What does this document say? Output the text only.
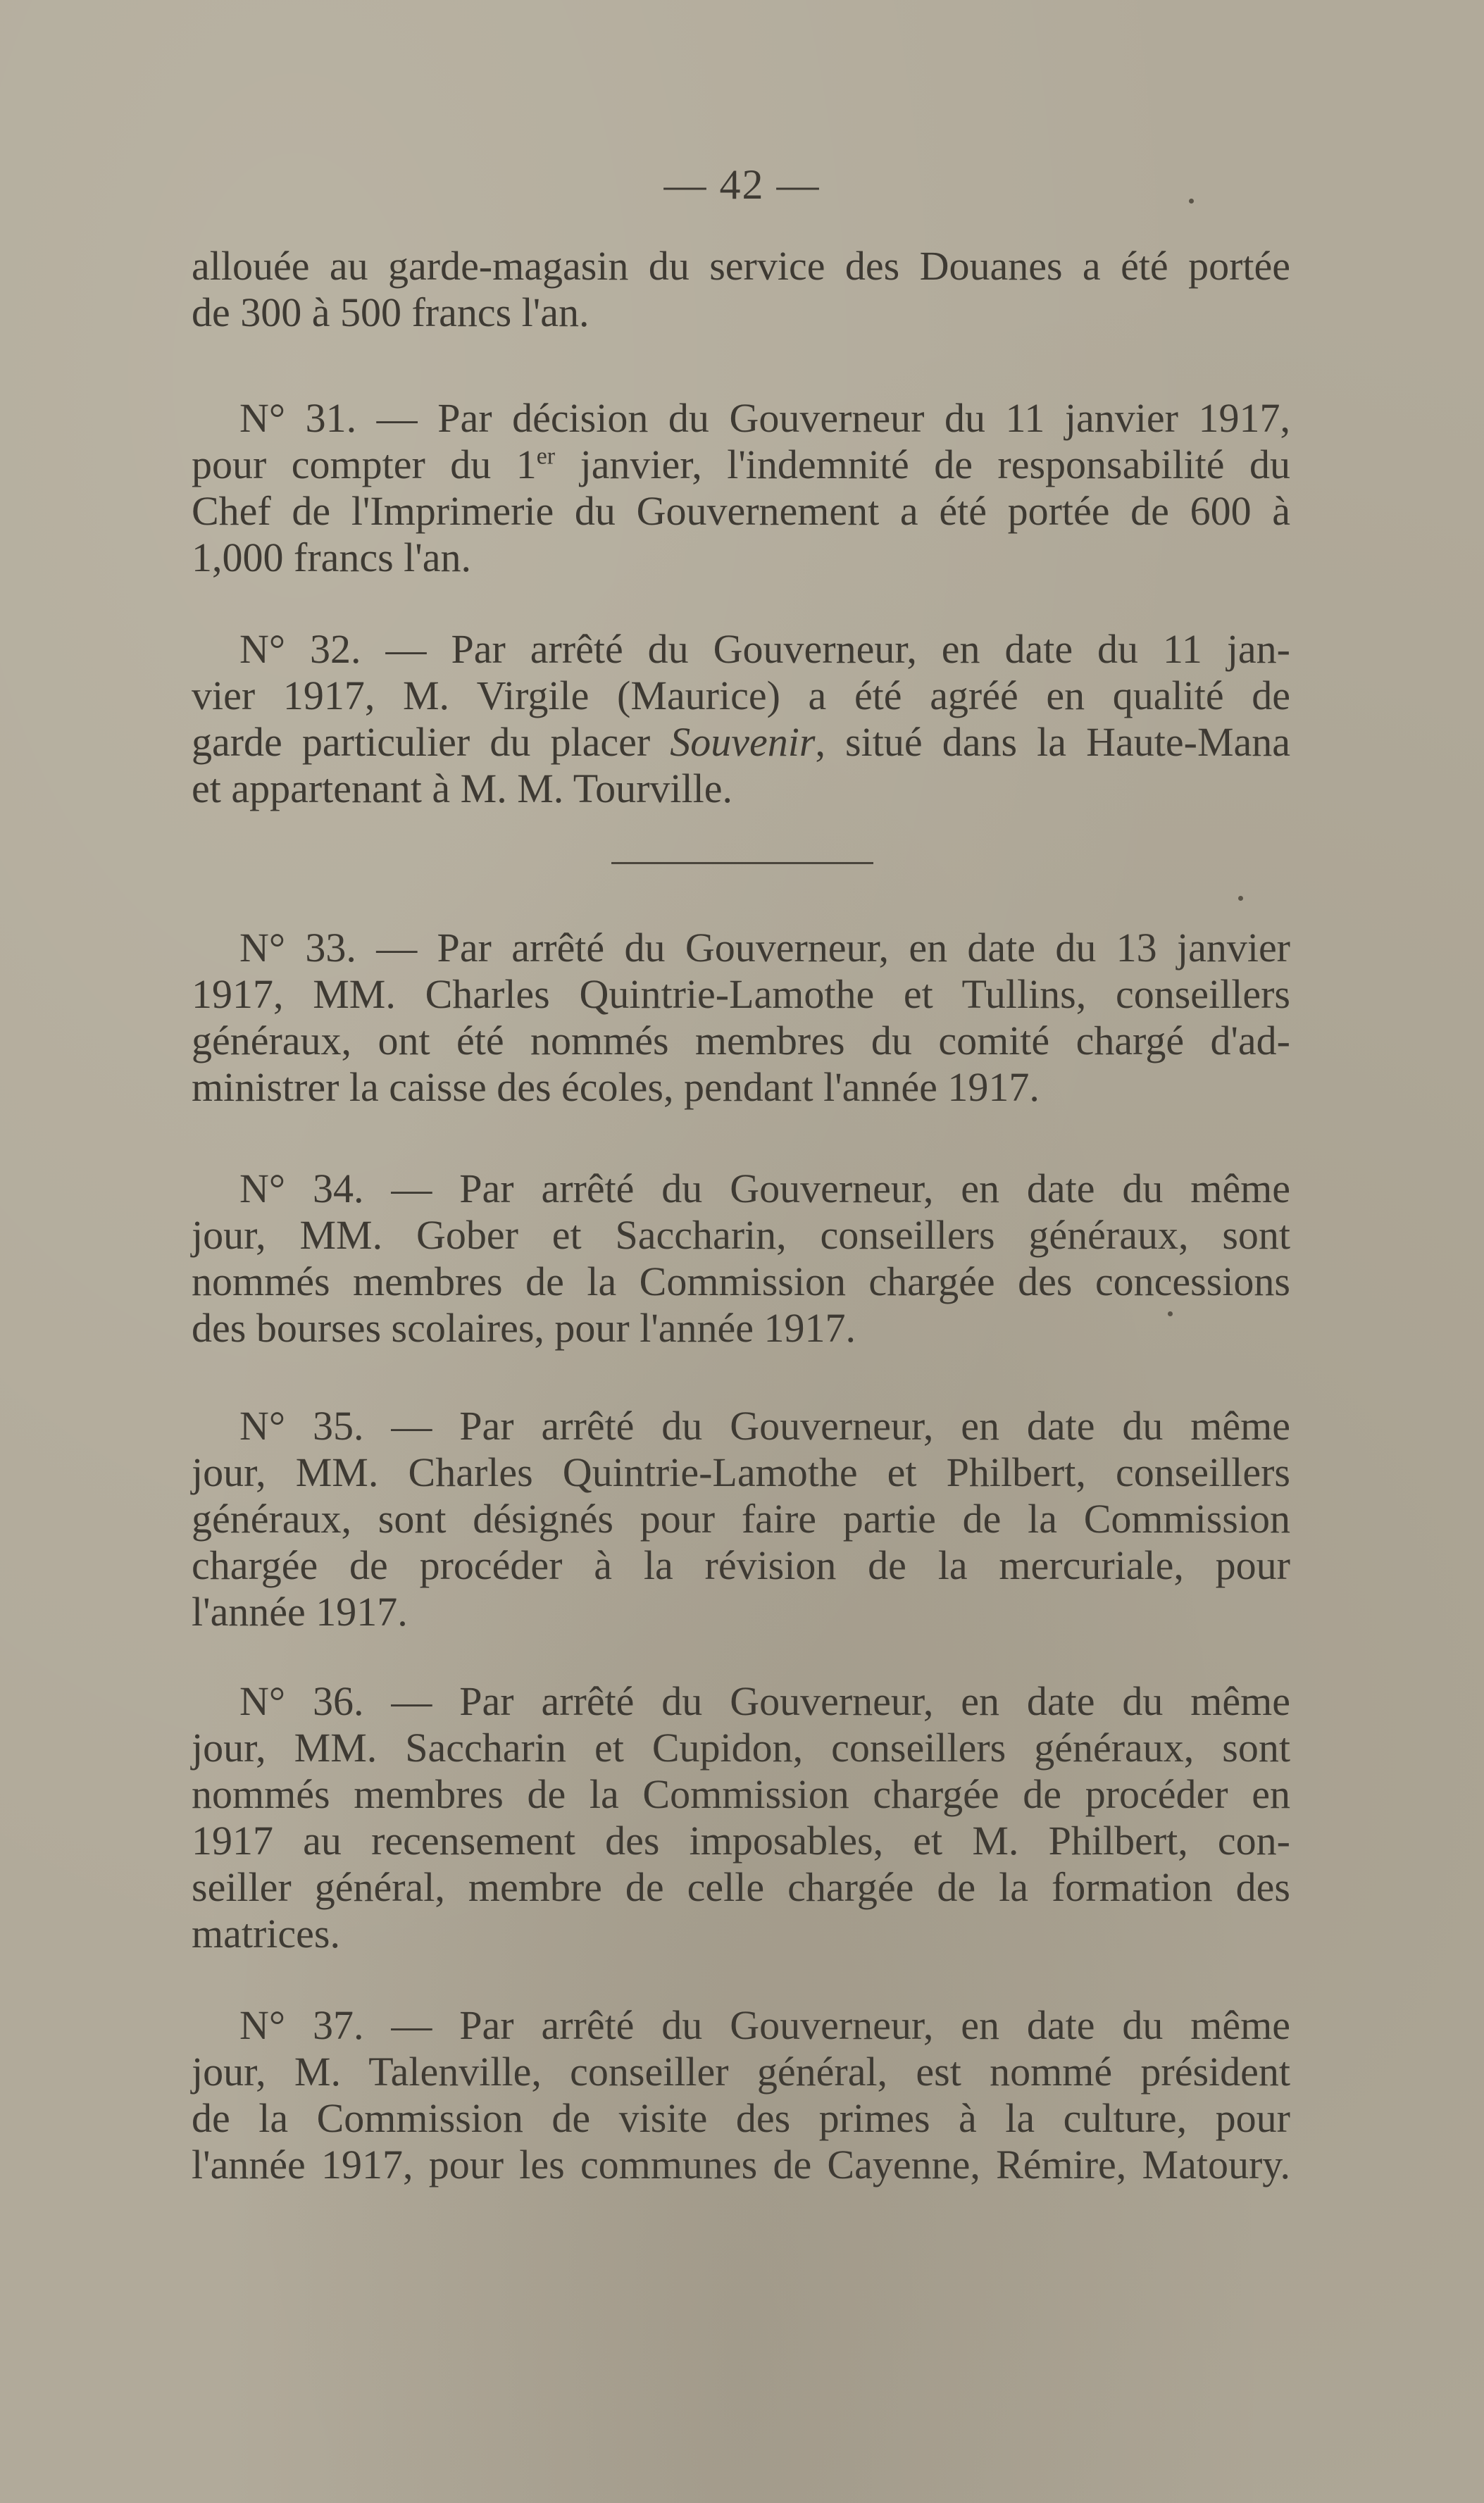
— 42 —
allouée au garde-magasin du service des Douanes a été portée
de 300 à 500 francs l'an.
N° 31. — Par décision du Gouverneur du 11 janvier 1917,
pour compter du 1er janvier, l'indemnité de responsabilité du
Chef de l'Imprimerie du Gouvernement a été portée de 600 à
1,000 francs l'an.
N° 32. — Par arrêté du Gouverneur, en date du 11 jan-
vier 1917, M. Virgile (Maurice) a été agréé en qualité de
garde particulier du placer Souvenir, situé dans la Haute-Mana
et appartenant à M. M. Tourville.
N° 33. — Par arrêté du Gouverneur, en date du 13 janvier
1917, MM. Charles Quintrie-Lamothe et Tullins, conseillers
généraux, ont été nommés membres du comité chargé d'ad-
ministrer la caisse des écoles, pendant l'année 1917.
N° 34. — Par arrêté du Gouverneur, en date du même
jour, MM. Gober et Saccharin, conseillers généraux, sont
nommés membres de la Commission chargée des concessions
des bourses scolaires, pour l'année 1917.
N° 35. — Par arrêté du Gouverneur, en date du même
jour, MM. Charles Quintrie-Lamothe et Philbert, conseillers
généraux, sont désignés pour faire partie de la Commission
chargée de procéder à la révision de la mercuriale, pour
l'année 1917.
N° 36. — Par arrêté du Gouverneur, en date du même
jour, MM. Saccharin et Cupidon, conseillers généraux, sont
nommés membres de la Commission chargée de procéder en
1917 au recensement des imposables, et M. Philbert, con-
seiller général, membre de celle chargée de la formation des
matrices.
N° 37. — Par arrêté du Gouverneur, en date du même
jour, M. Talenville, conseiller général, est nommé président
de la Commission de visite des primes à la culture, pour
l'année 1917, pour les communes de Cayenne, Rémire, Matoury.
